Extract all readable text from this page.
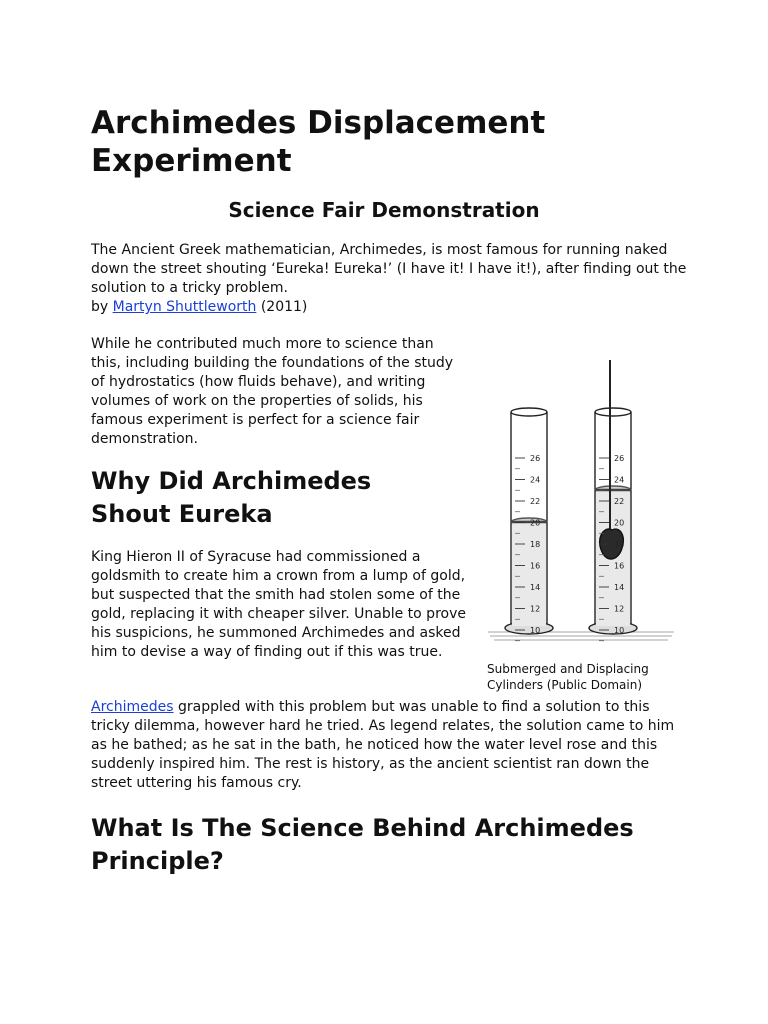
Archimedes Displacement Experiment
Science Fair Demonstration

The Ancient Greek mathematician, Archimedes, is most famous for running naked down the street shouting ‘Eureka! Eureka!’ (I have it! I have it!), after finding out the solution to a tricky problem.

by Martyn Shuttleworth (2011)

While he contributed much more to science than this, including building the foundations of the study of hydrostatics (how fluids behave), and writing volumes of work on the properties of solids, his famous experiment is perfect for a science fair demonstration.

26
24
22
20
18
16
14
12
10
26
24
22
20
18
16
14
12
10

Submerged and Displacing Cylinders (Public Domain)

Why Did Archimedes Shout Eureka

King Hieron II of Syracuse had commissioned a goldsmith to create him a crown from a lump of gold, but suspected that the smith had stolen some of the gold, replacing it with cheaper silver. Unable to prove his suspicions, he summoned Archimedes and asked him to devise a way of finding out if this was true.

Archimedes grappled with this problem but was unable to find a solution to this tricky dilemma, however hard he tried. As legend relates, the solution came to him as he bathed; as he sat in the bath, he noticed how the water level rose and this suddenly inspired him. The rest is history, as the ancient scientist ran down the street uttering his famous cry.

What Is The Science Behind Archimedes Principle?
